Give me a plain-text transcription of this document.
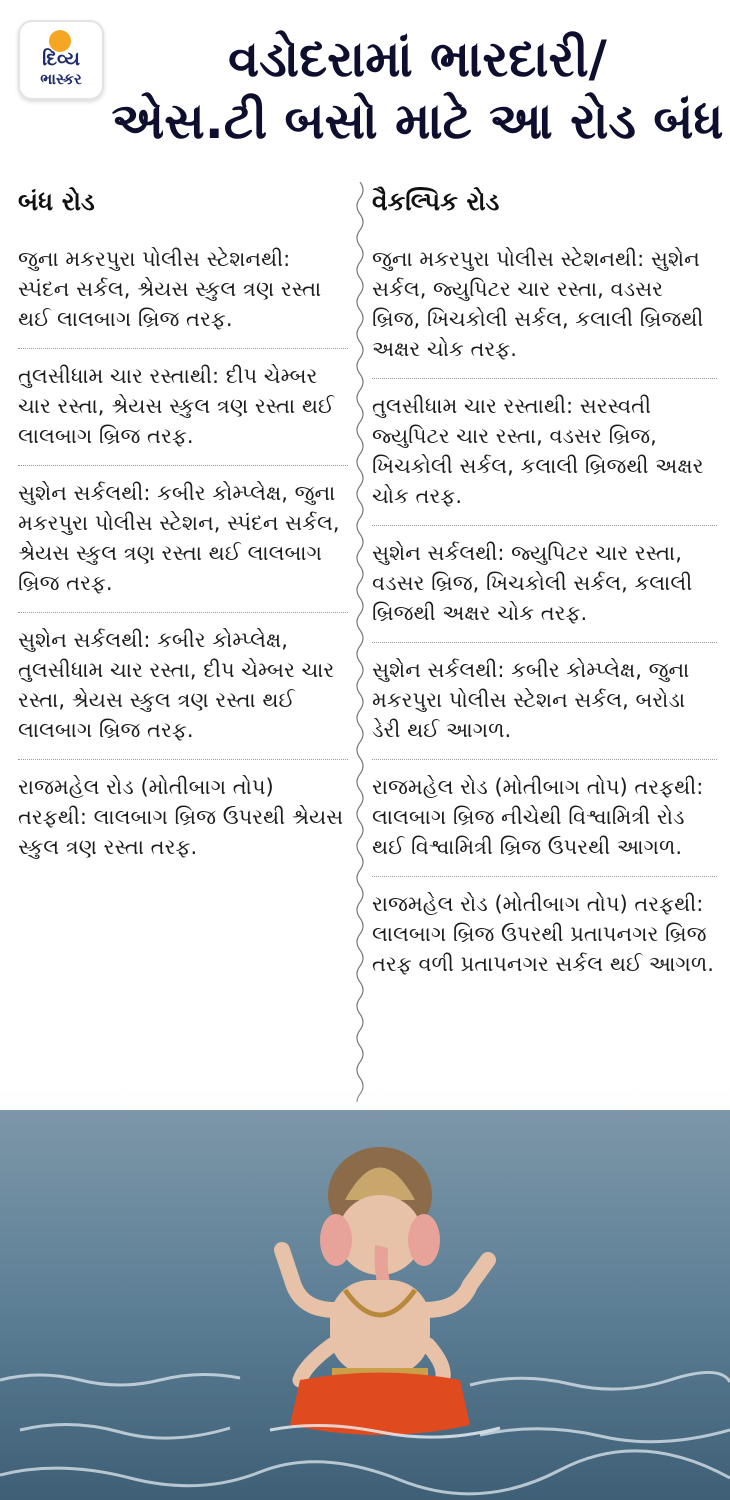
દિવ્ય
ભાસ્કર	વડોદરામાં ભારદારી/
એસ.ટી બસો માટે આ રોડ બંધ
બંધ રોડ
જુના મકરપુરા પોલીસ સ્ટેશનથી: સ્પંદન સર્કલ, શ્રેયસ સ્કુલ ત્રણ રસ્તા થઈ લાલબાગ બ્રિજ તરફ.
તુલસીધામ ચાર રસ્તાથી: દીપ ચેમ્બર ચાર રસ્તા, શ્રેયસ સ્કુલ ત્રણ રસ્તા થઈ લાલબાગ બ્રિજ તરફ.
સુશેન સર્કલથી: કબીર કોમ્પ્લેક્ષ, જુના મકરપુરા પોલીસ સ્ટેશન, સ્પંદન સર્કલ, શ્રેયસ સ્કુલ ત્રણ રસ્તા થઈ લાલબાગ બ્રિજ તરફ.
સુશેન સર્કલથી: કબીર કોમ્પ્લેક્ષ, તુલસીધામ ચાર રસ્તા, દીપ ચેમ્બર ચાર રસ્તા, શ્રેયસ સ્કુલ ત્રણ રસ્તા થઈ લાલબાગ બ્રિજ તરફ.
રાજમહેલ રોડ (મોતીબાગ તોપ) તરફથી: લાલબાગ બ્રિજ ઉપરથી શ્રેયસ સ્કુલ ત્રણ રસ્તા તરફ.
વૈકલ્પિક રોડ
જુના મકરપુરા પોલીસ સ્ટેશનથી: સુશેન સર્કલ, જ્યુપિટર ચાર રસ્તા, વડસર બ્રિજ, ખિચકોલી સર્કલ, કલાલી બ્રિજથી અક્ષર ચોક તરફ.
તુલસીધામ ચાર રસ્તાથી: સરસ્વતી જ્યુપિટર ચાર રસ્તા, વડસર બ્રિજ, ખિચકોલી સર્કલ, કલાલી બ્રિજથી અક્ષર ચોક તરફ.
સુશેન સર્કલથી: જ્યુપિટર ચાર રસ્તા, વડસર બ્રિજ, ખિચકોલી સર્કલ, કલાલી બ્રિજથી અક્ષર ચોક તરફ.
સુશેન સર્કલથી: કબીર કોમ્પ્લેક્ષ, જુના મકરપુરા પોલીસ સ્ટેશન સર્કલ, બરોડા ડેરી થઈ આગળ.
રાજમહેલ રોડ (મોતીબાગ તોપ) તરફથી: લાલબાગ બ્રિજ નીચેથી વિશ્વામિત્રી રોડ થઈ વિશ્વામિત્રી બ્રિજ ઉપરથી આગળ.
રાજમહેલ રોડ (મોતીબાગ તોપ) તરફથી: લાલબાગ બ્રિજ ઉપરથી પ્રતાપનગર બ્રિજ તરફ વળી પ્રતાપનગર સર્કલ થઈ આગળ.
